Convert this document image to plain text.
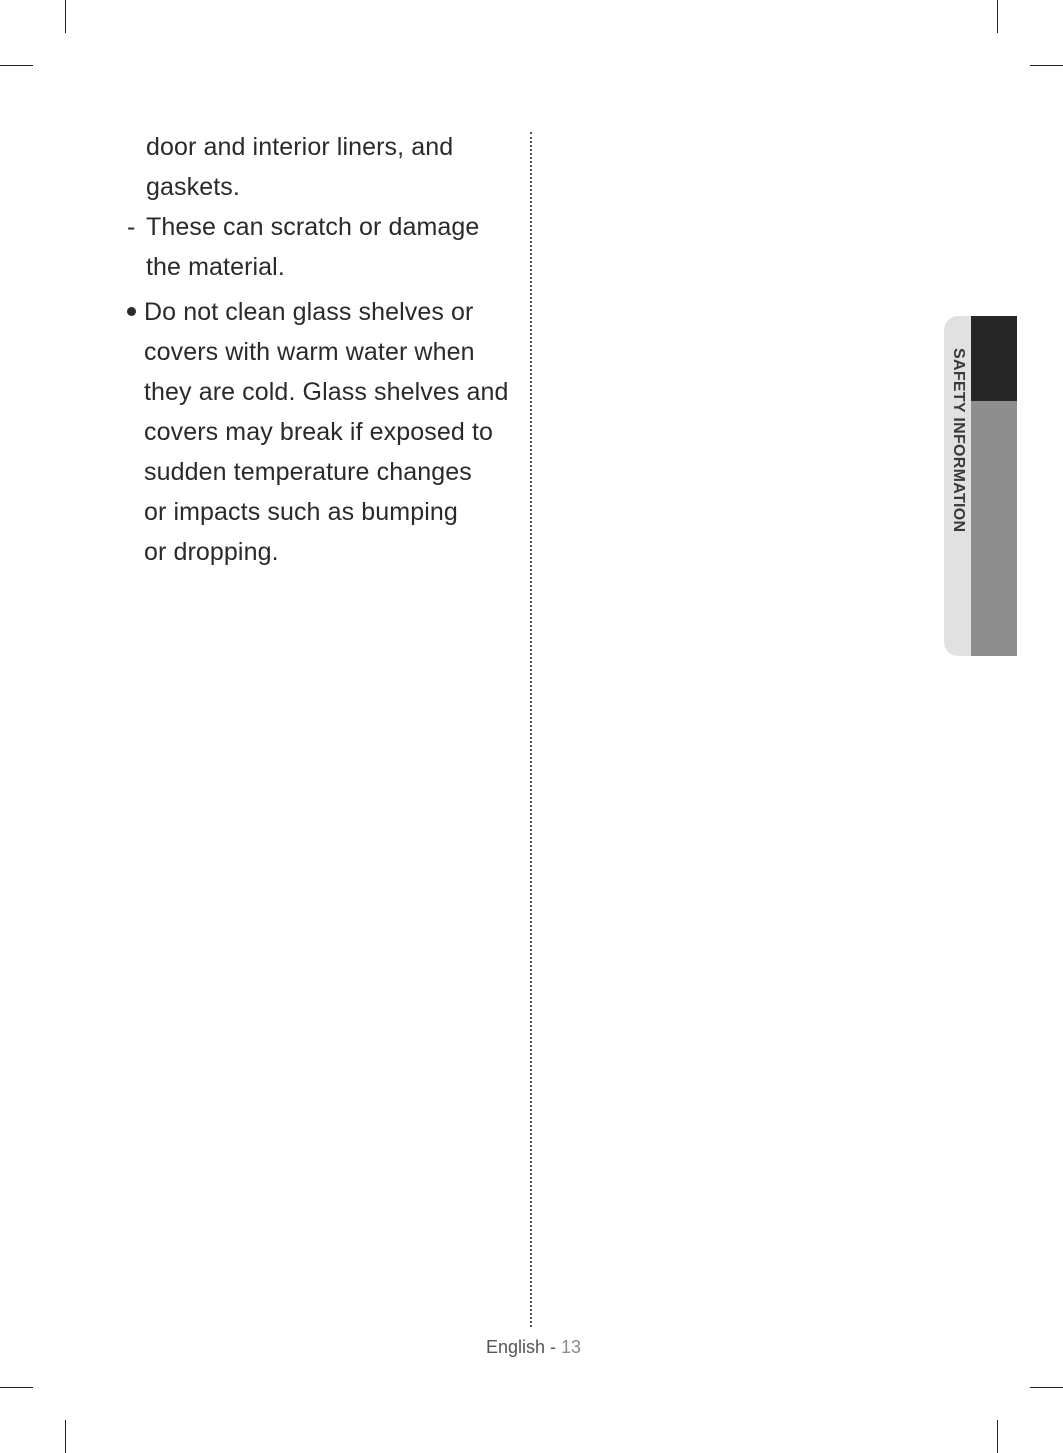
door and interior liners, and
gaskets.
- These can scratch or damage
the material.
Do not clean glass shelves or
covers with warm water when
they are cold. Glass shelves and
covers may break if exposed to
sudden temperature changes
or impacts such as bumping
or dropping.
SAFETY INFORMATION
English - 13
